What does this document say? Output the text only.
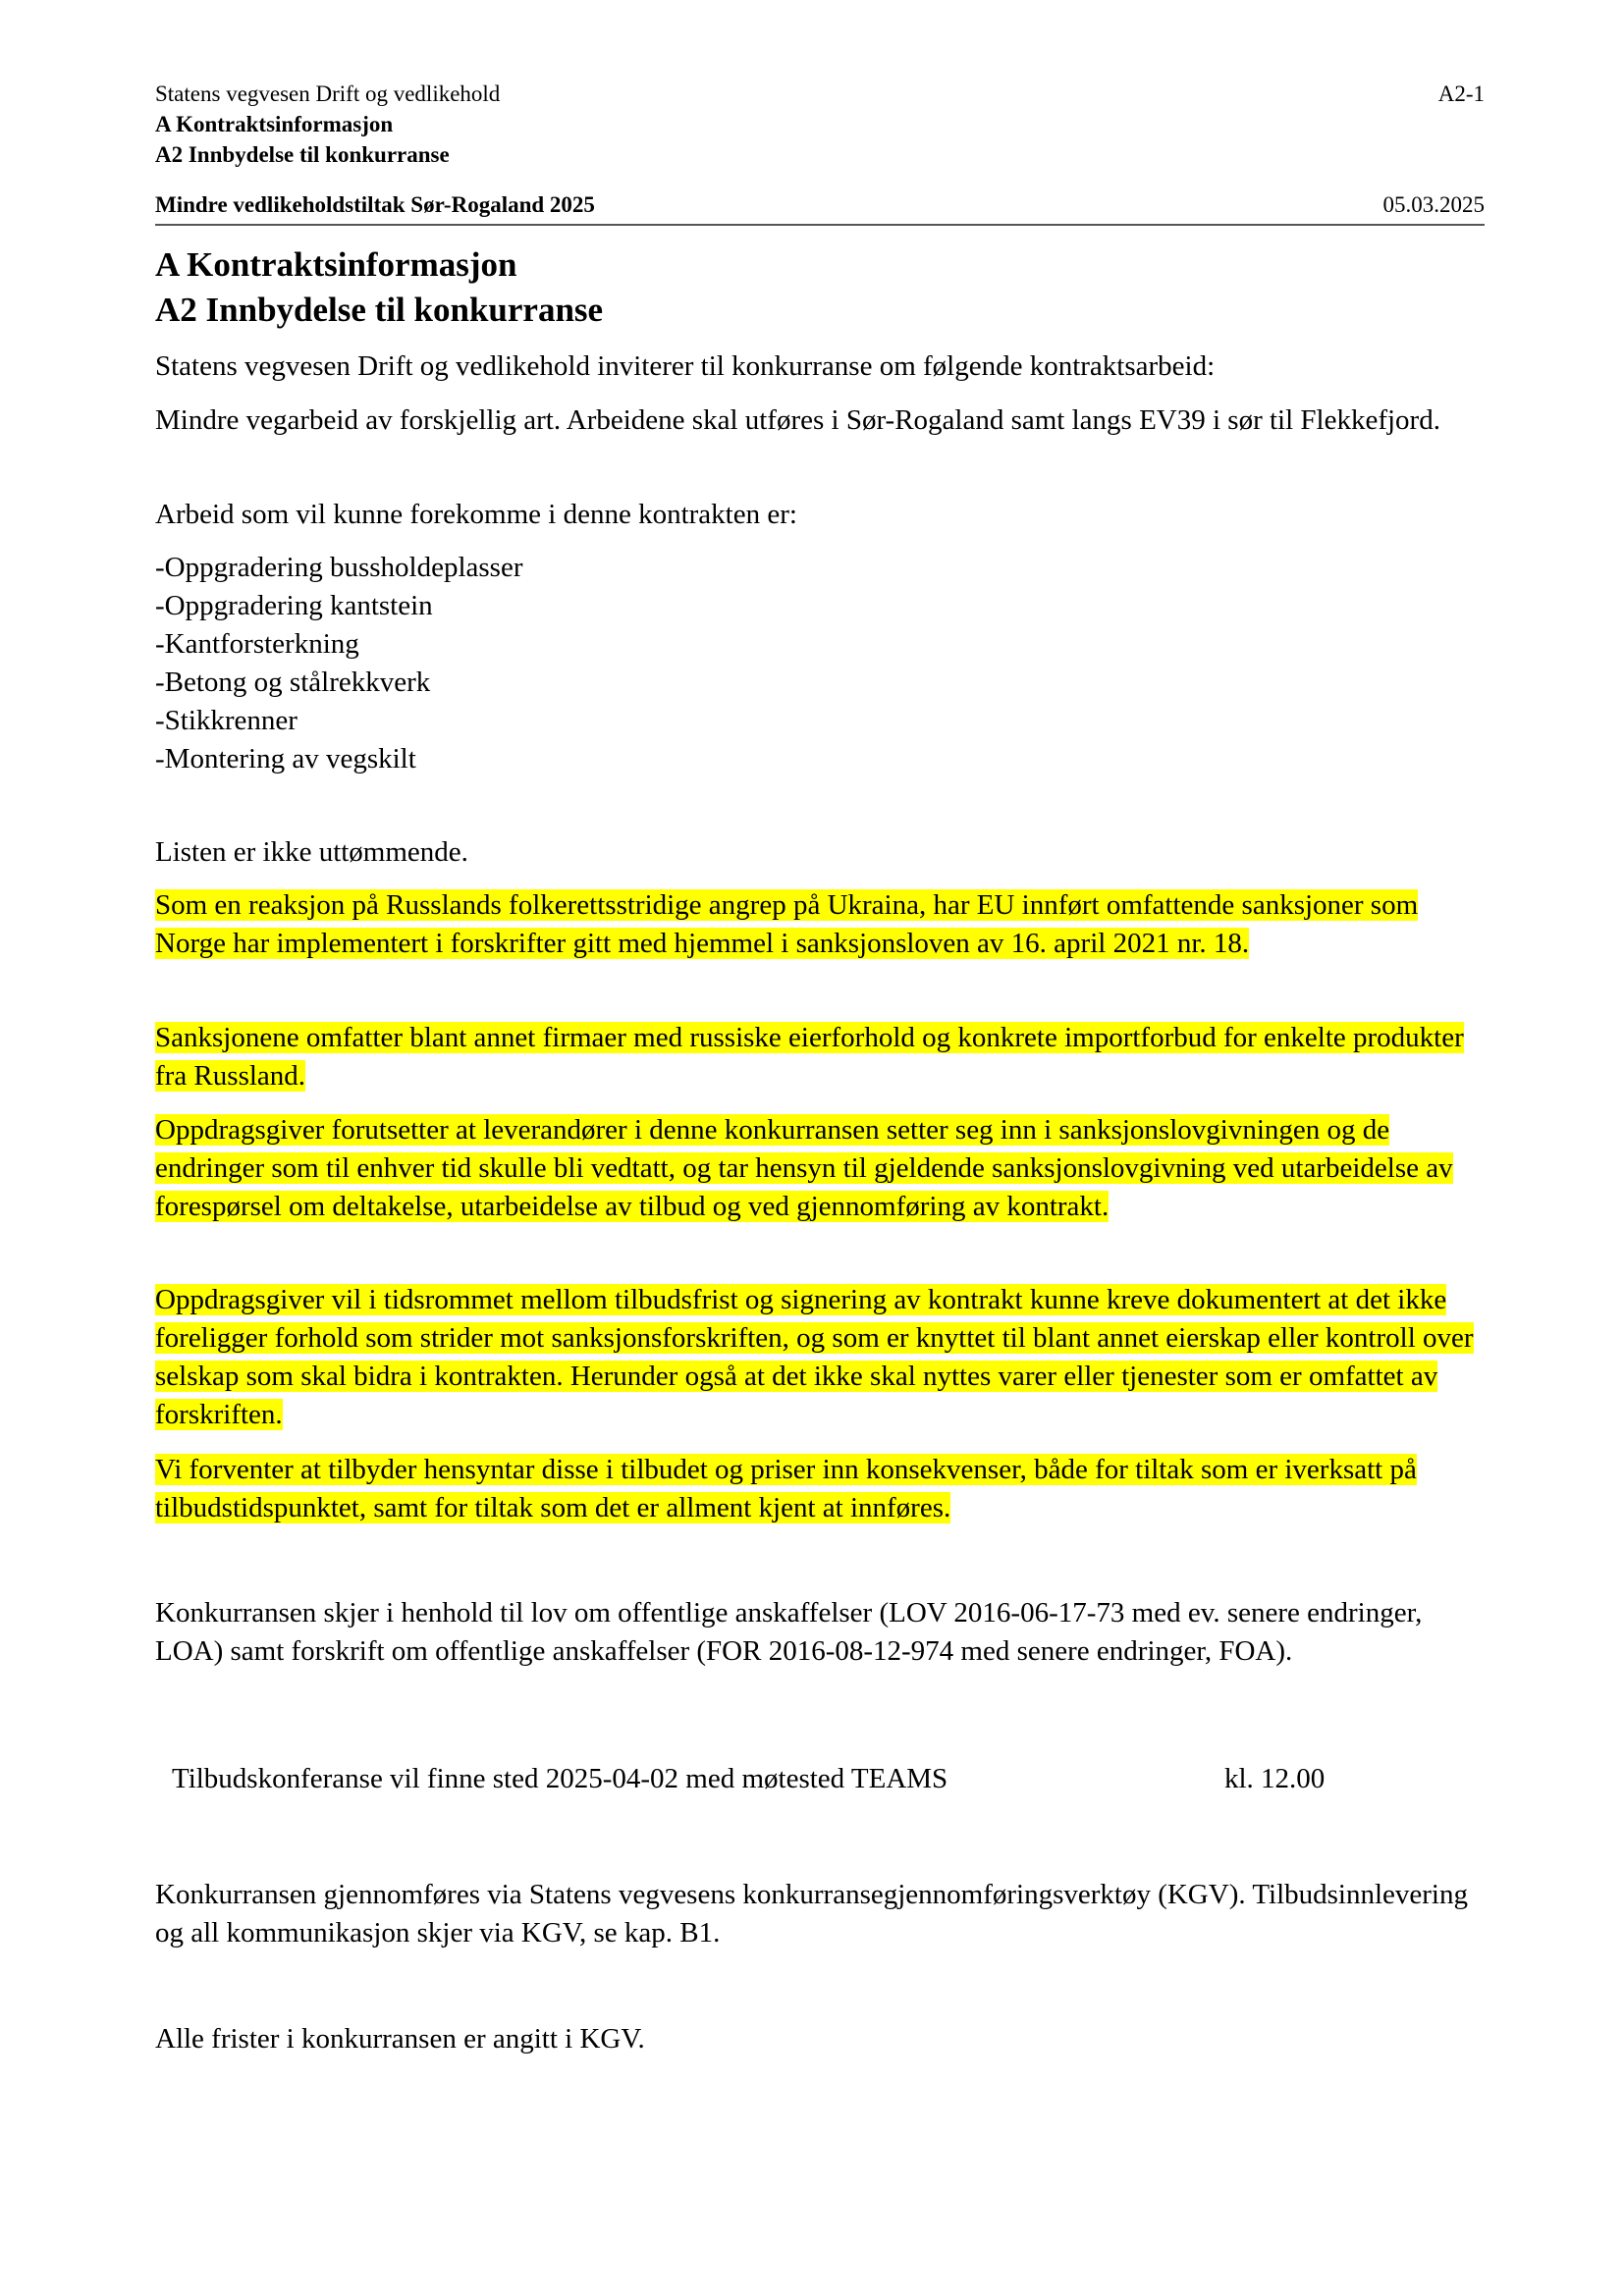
Statens vegvesen Drift og vedlikehold	A2-1
A Kontraktsinformasjon
A2 Innbydelse til konkurranse
Mindre vedlikeholdstiltak Sør-Rogaland 2025	05.03.2025
A Kontraktsinformasjon
A2 Innbydelse til konkurranse

Statens vegvesen Drift og vedlikehold inviterer til konkurranse om følgende kontraktsarbeid:

Mindre vegarbeid av forskjellig art. Arbeidene skal utføres i Sør-Rogaland samt langs EV39 i sør til Flekkefjord.

Arbeid som vil kunne forekomme i denne kontrakten er:

-Oppgradering bussholdeplasser
-Oppgradering kantstein
-Kantforsterkning
-Betong og stålrekkverk
-Stikkrenner
-Montering av vegskilt

Listen er ikke uttømmende.

Som en reaksjon på Russlands folkerettsstridige angrep på Ukraina, har EU innført omfattende sanksjoner som Norge har implementert i forskrifter gitt med hjemmel i sanksjonsloven av 16. april 2021 nr. 18.

Sanksjonene omfatter blant annet firmaer med russiske eierforhold og konkrete importforbud for enkelte produkter fra Russland.

Oppdragsgiver forutsetter at leverandører i denne konkurransen setter seg inn i sanksjonslovgivningen og de endringer som til enhver tid skulle bli vedtatt, og tar hensyn til gjeldende sanksjonslovgivning ved utarbeidelse av forespørsel om deltakelse, utarbeidelse av tilbud og ved gjennomføring av kontrakt.

Oppdragsgiver vil i tidsrommet mellom tilbudsfrist og signering av kontrakt kunne kreve dokumentert at det ikke foreligger forhold som strider mot sanksjonsforskriften, og som er knyttet til blant annet eierskap eller kontroll over selskap som skal bidra i kontrakten. Herunder også at det ikke skal nyttes varer eller tjenester som er omfattet av forskriften.

Vi forventer at tilbyder hensyntar disse i tilbudet og priser inn konsekvenser, både for tiltak som er iverksatt på tilbudstidspunktet, samt for tiltak som det er allment kjent at innføres.

Konkurransen skjer i henhold til lov om offentlige anskaffelser (LOV 2016-06-17-73 med ev. senere endringer, LOA) samt forskrift om offentlige anskaffelser (FOR 2016-08-12-974 med senere endringer, FOA).

Tilbudskonferanse vil finne sted 2025-04-02 med møtested TEAMS	kl. 12.00

Konkurransen gjennomføres via Statens vegvesens konkurransegjennomføringsverktøy (KGV). Tilbudsinnlevering og all kommunikasjon skjer via KGV, se kap. B1.

Alle frister i konkurransen er angitt i KGV.
